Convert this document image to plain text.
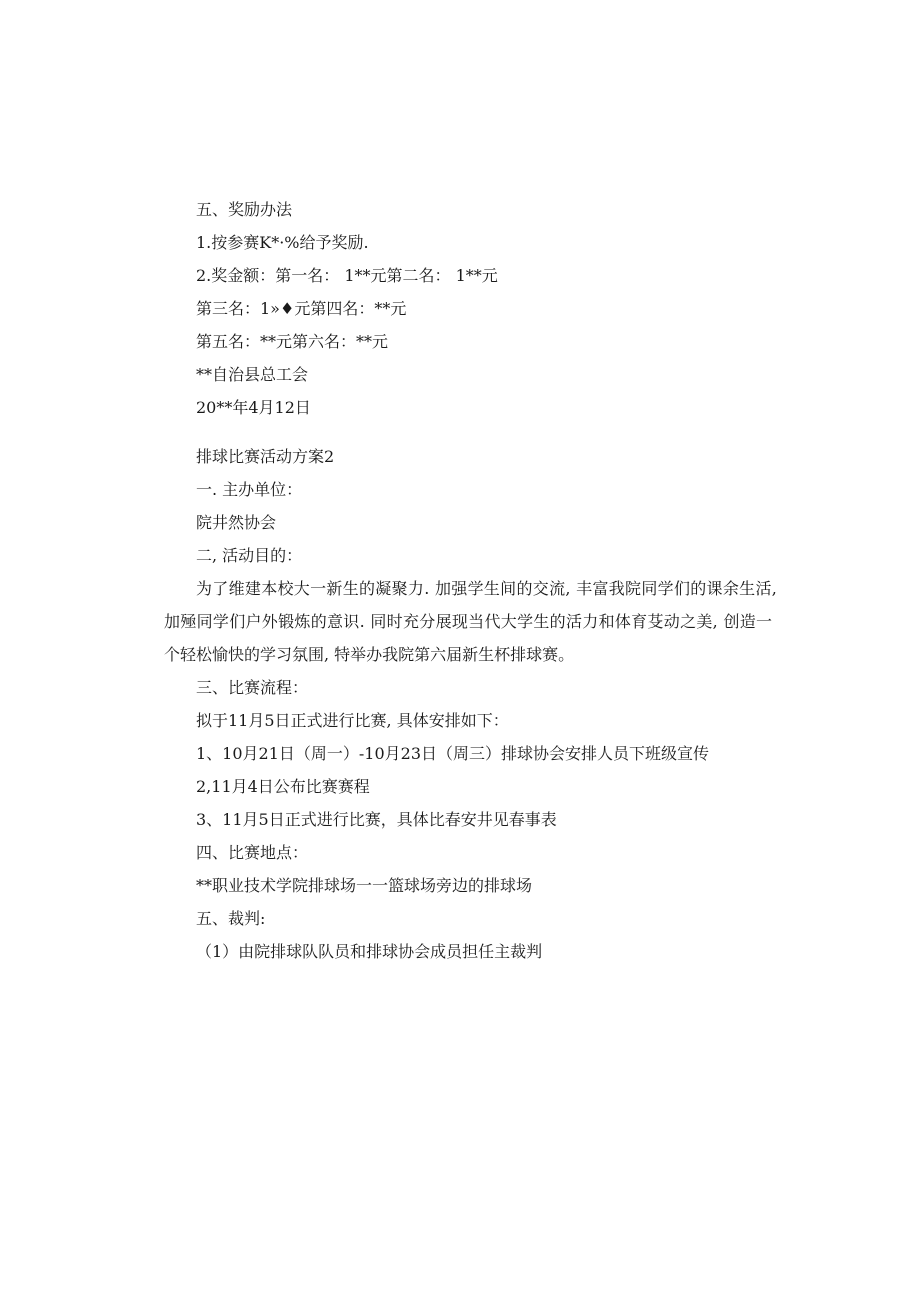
五、奖励办法
1.按参赛K*·%给予奖励.
2.奖金额：第一名： 1**元第二名： 1**元
第三名：1»♦元第四名：**元
第五名：**元第六名：**元
**自治县总工会
20**年4月12日
排球比赛活动方案2
一. 主办单位：
院井然协会
二, 活动目的：
为了维建本校大一新生的凝聚力. 加强学生间的交流, 丰富我院同学们的课余生活,
加殛同学们户外锻炼的意识. 同时充分展现当代大学生的活力和体育芟动之美, 创造一
个轻松愉快的学习氛围, 特举办我院第六届新生杯排球赛。
三、比赛流程：
拟于11月5日正式进行比赛, 具体安排如下：
1、10月21日（周一）-10月23日（周三）排球协会安排人员下班级宣传
2,11月4日公布比赛赛程
3、11月5日正式进行比赛，具体比春安井见春事表
四、比赛地点：
**职业技术学院排球场一一篮球场旁边的排球场
五、裁判:
（1）由院排球队队员和排球协会成员担任主裁判
